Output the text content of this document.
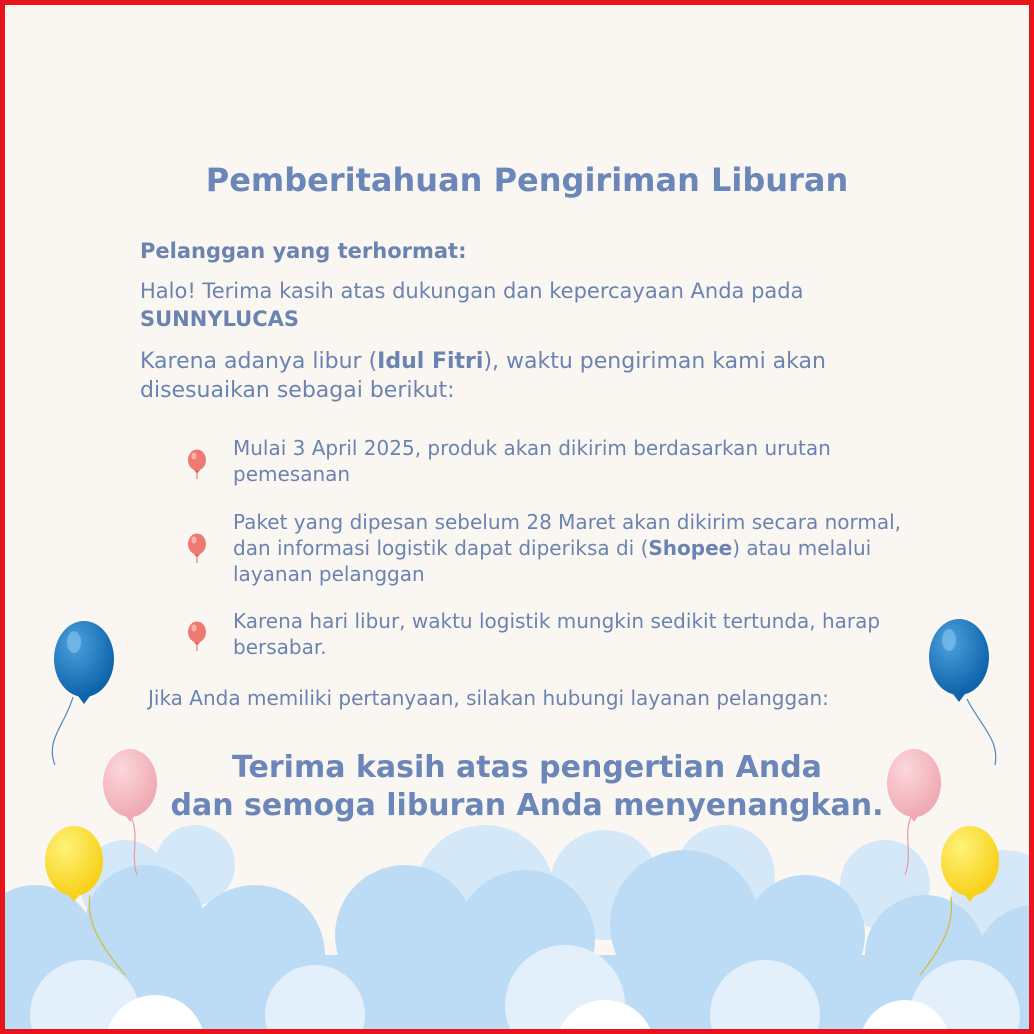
Pemberitahuan Pengiriman Liburan

Pelanggan yang terhormat:

Halo! Terima kasih atas dukungan dan kepercayaan Anda pada SUNNYLUCAS

Karena adanya libur (Idul Fitri), waktu pengiriman kami akan disesuaikan sebagai berikut:

Mulai 3 April 2025, produk akan dikirim berdasarkan urutan pemesanan

Paket yang dipesan sebelum 28 Maret akan dikirim secara normal, dan informasi logistik dapat diperiksa di (Shopee) atau melalui layanan pelanggan

Karena hari libur, waktu logistik mungkin sedikit tertunda, harap bersabar.

Jika Anda memiliki pertanyaan, silakan hubungi layanan pelanggan:

Terima kasih atas pengertian Anda
dan semoga liburan Anda menyenangkan.
